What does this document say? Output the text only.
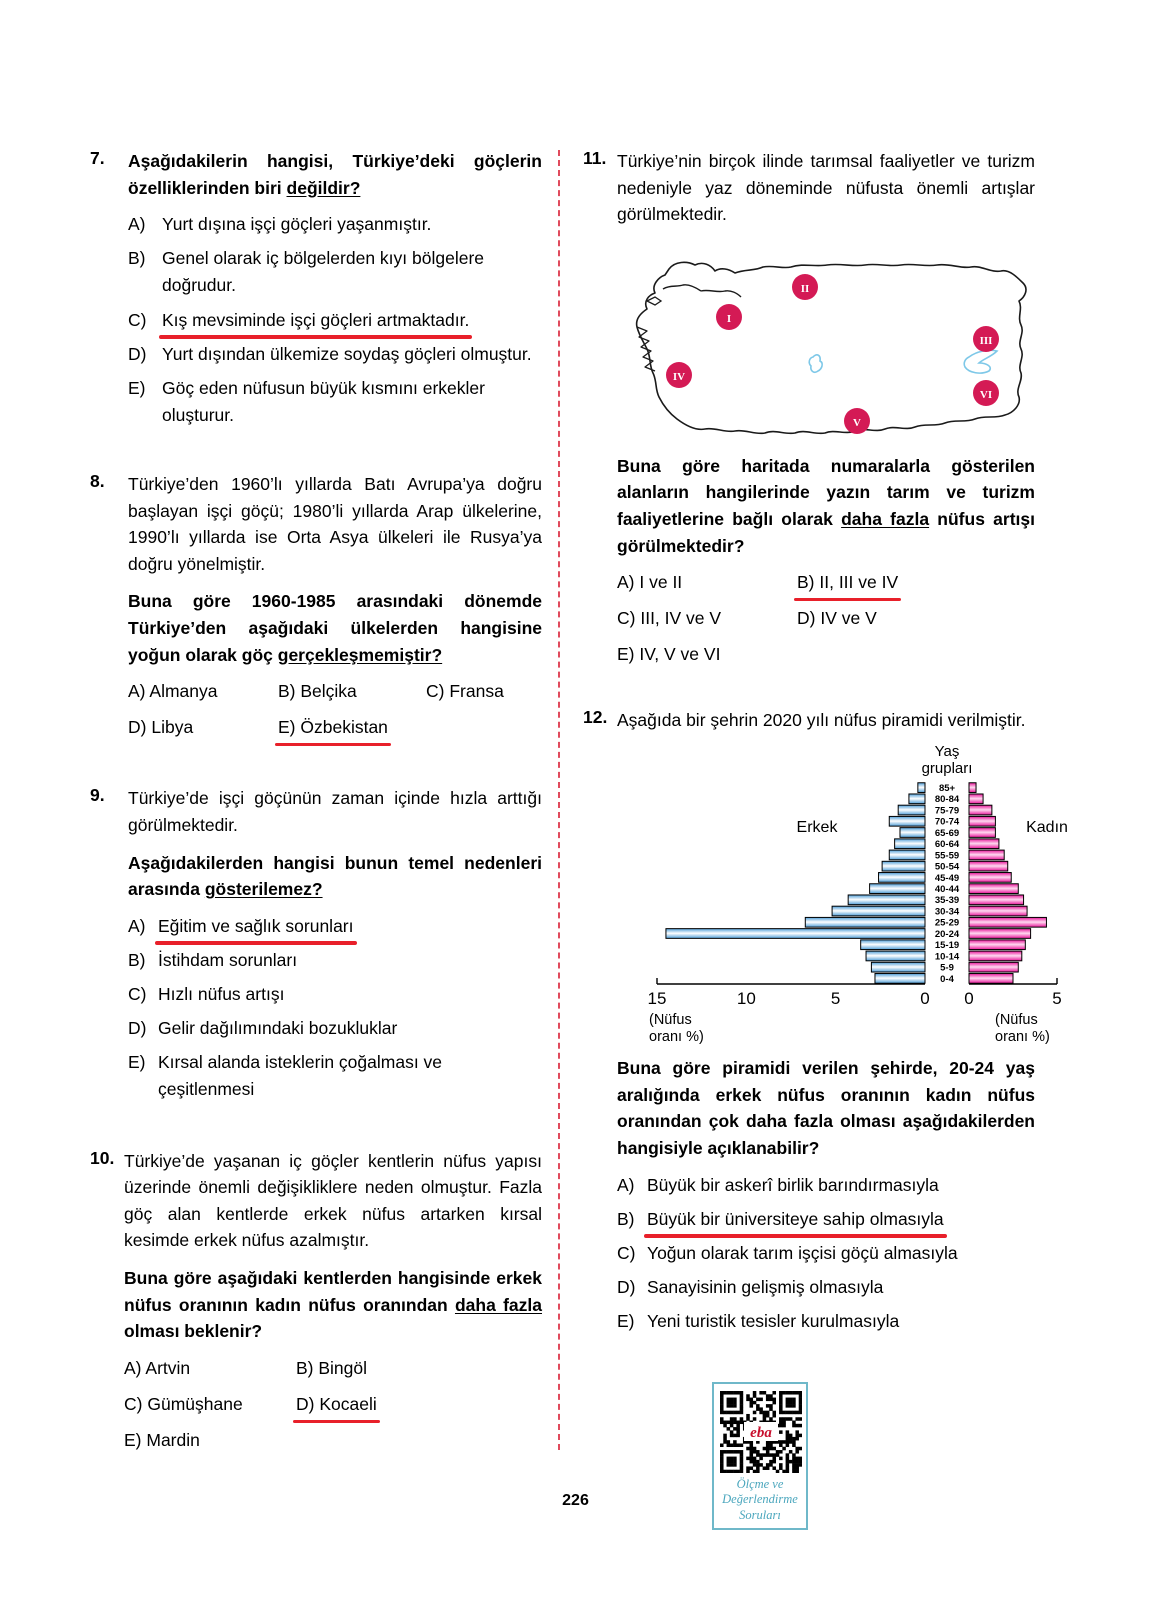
7.	Aşağıdakilerin hangisi, Türkiye’deki göçlerin özelliklerinden biri değildir?

A) Yurt dışına işçi göçleri yaşanmıştır.
B) Genel olarak iç bölgelerden kıyı bölgelere doğrudur.
C) Kış mevsiminde işçi göçleri artmaktadır.
D) Yurt dışından ülkemize soydaş göçleri olmuştur.
E) Göç eden nüfusun büyük kısmını erkekler oluşturur.
8.	Türkiye’den 1960’lı yıllarda Batı Avrupa’ya doğru başlayan işçi göçü; 1980’li yıllarda Arap ülkelerine, 1990’lı yıllarda ise Orta Asya ülkeleri ile Rusya’ya doğru yönelmiştir.

Buna göre 1960-1985 arasındaki dönemde Türkiye’den aşağıdaki ülkelerden hangisine yoğun olarak göç gerçekleşmemiştir?

A) Almanya	B) Belçika	C) Fransa
D) Libya	E) Özbekistan
9.	Türkiye’de işçi göçünün zaman içinde hızla arttığı görülmektedir.

Aşağıdakilerden hangisi bunun temel nedenleri arasında gösterilemez?

A) Eğitim ve sağlık sorunları
B) İstihdam sorunları
C) Hızlı nüfus artışı
D) Gelir dağılımındaki bozukluklar
E) Kırsal alanda isteklerin çoğalması ve çeşitlenmesi
10. Türkiye’de yaşanan iç göçler kentlerin nüfus yapısı üzerinde önemli değişikliklere neden olmuştur. Fazla göç alan kentlerde erkek nüfus artarken kırsal kesimde erkek nüfus azalmıştır.

Buna göre aşağıdaki kentlerden hangisinde erkek nüfus oranının kadın nüfus oranından daha fazla olması beklenir?

A) Artvin	B) Bingöl
C) Gümüşhane	D) Kocaeli
E) Mardin
11. Türkiye’nin birçok ilinde tarımsal faaliyetler ve turizm nedeniyle yaz döneminde nüfusta önemli artışlar görülmektedir.

I
II
III
IV
V
VI

Buna göre haritada numaralarla gösterilen alanların hangilerinde yazın tarım ve turizm faaliyetlerine bağlı olarak daha fazla nüfus artışı görülmektedir?

A) I ve II	B) II, III ve IV
C) III, IV ve V	D) IV ve V
E) IV, V ve VI
12. Aşağıda bir şehrin 2020 yılı nüfus piramidi verilmiştir.

Yaş
grupları
0-4
5-9
10-14
15-19
20-24
25-29
30-34
35-39
40-44
45-49
50-54
55-59
60-64
65-69
70-74
75-79
80-84
85+
Erkek	Kadın
15	10	5	0 0	5
(Nüfus
oranı %)
(Nüfus
oranı %)

Buna göre piramidi verilen şehirde, 20-24 yaş aralığında erkek nüfus oranının kadın nüfus oranından çok daha fazla olması aşağıdakilerden hangisiyle açıklanabilir?

A) Büyük bir askerî birlik barındırmasıyla
B) Büyük bir üniversiteye sahip olmasıyla
C) Yoğun olarak tarım işçisi göçü almasıyla
D) Sanayisinin gelişmiş olmasıyla
E) Yeni turistik tesisler kurulmasıyla
eba
Ölçme ve
Değerlendirme
Soruları
226
